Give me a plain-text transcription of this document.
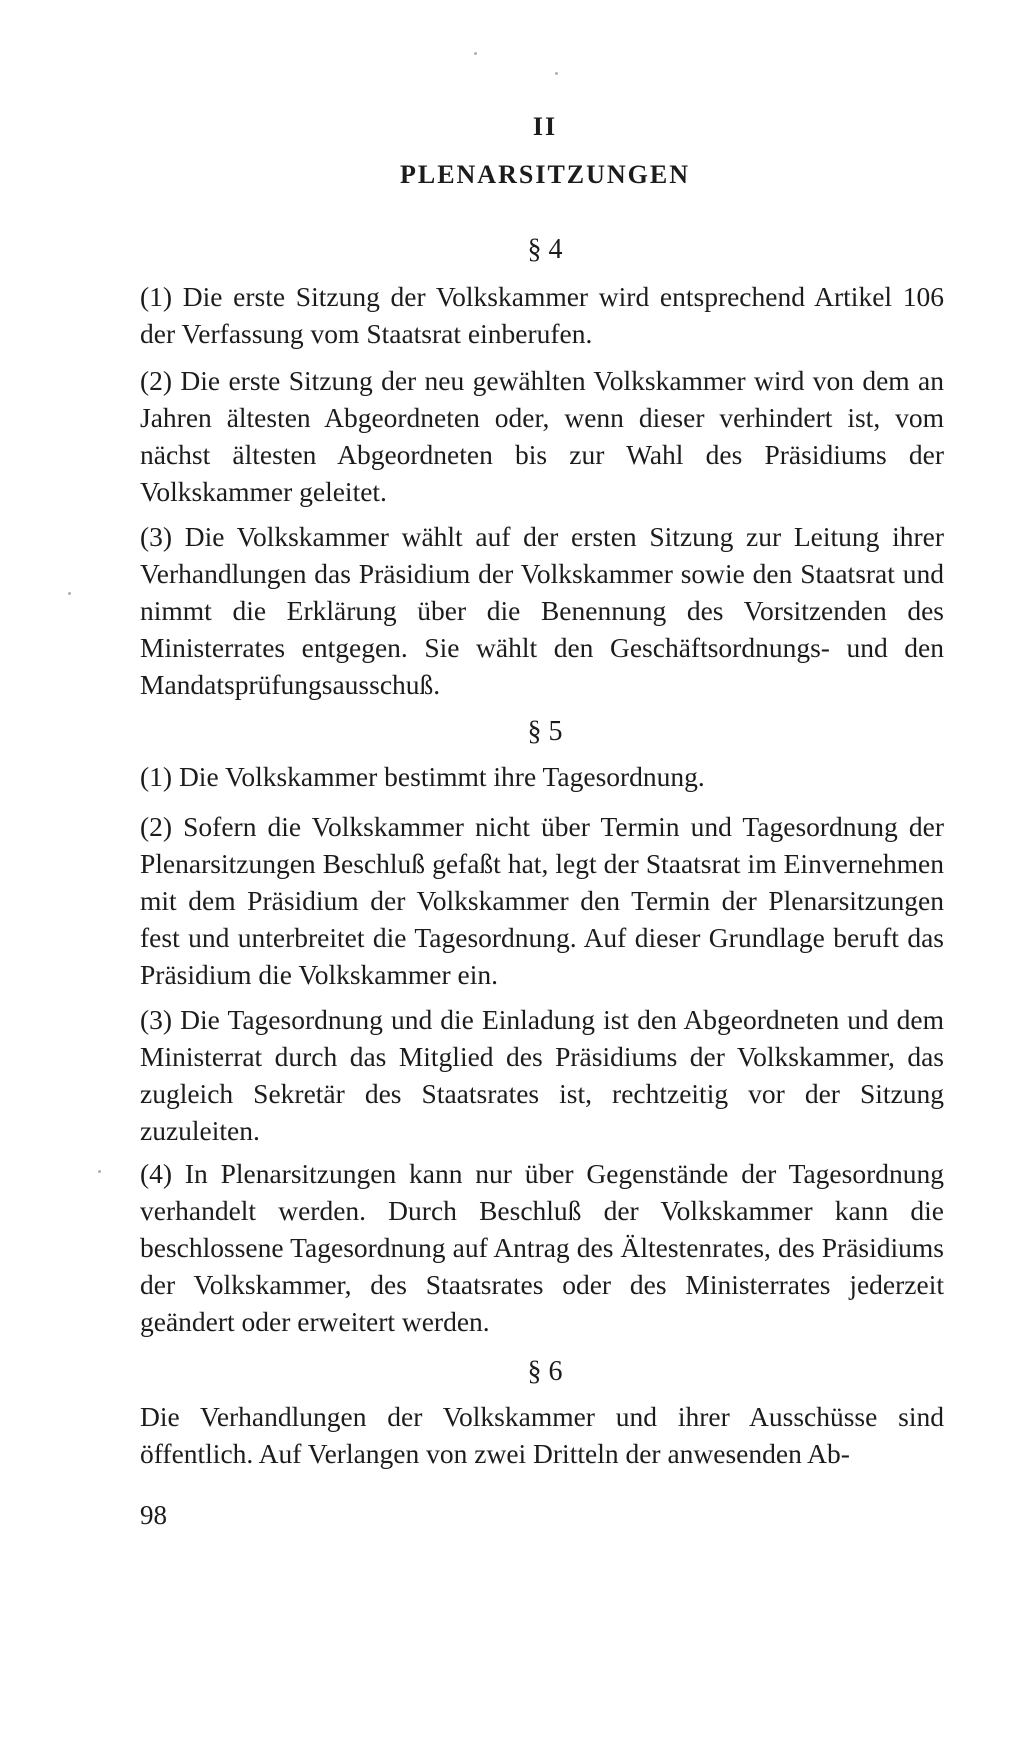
II
PLENARSITZUNGEN
§ 4

(1) Die erste Sitzung der Volkskammer wird entsprechend Artikel 106 der Verfassung vom Staatsrat einberufen.

(2) Die erste Sitzung der neu gewählten Volkskammer wird von dem an Jahren ältesten Abgeordneten oder, wenn dieser verhindert ist, vom nächst ältesten Abgeordneten bis zur Wahl des Präsidiums der Volkskammer geleitet.

(3) Die Volkskammer wählt auf der ersten Sitzung zur Leitung ihrer Verhandlungen das Präsidium der Volkskammer sowie den Staatsrat und nimmt die Erklärung über die Benennung des Vorsitzenden des Ministerrates entgegen. Sie wählt den Geschäftsordnungs- und den Mandatsprüfungsausschuß.

§ 5

(1) Die Volkskammer bestimmt ihre Tagesordnung.

(2) Sofern die Volkskammer nicht über Termin und Tagesordnung der Plenarsitzungen Beschluß gefaßt hat, legt der Staatsrat im Einvernehmen mit dem Präsidium der Volkskammer den Termin der Plenarsitzungen fest und unterbreitet die Tagesordnung. Auf dieser Grundlage beruft das Präsidium die Volkskammer ein.

(3) Die Tagesordnung und die Einladung ist den Abgeordneten und dem Ministerrat durch das Mitglied des Präsidiums der Volkskammer, das zugleich Sekretär des Staatsrates ist, rechtzeitig vor der Sitzung zuzuleiten.

(4) In Plenarsitzungen kann nur über Gegenstände der Tagesordnung verhandelt werden. Durch Beschluß der Volkskammer kann die beschlossene Tagesordnung auf Antrag des Ältestenrates, des Präsidiums der Volkskammer, des Staatsrates oder des Ministerrates jederzeit geändert oder erweitert werden.

§ 6

Die Verhandlungen der Volkskammer und ihrer Ausschüsse sind öffentlich. Auf Verlangen von zwei Dritteln der anwesenden Ab-

98
